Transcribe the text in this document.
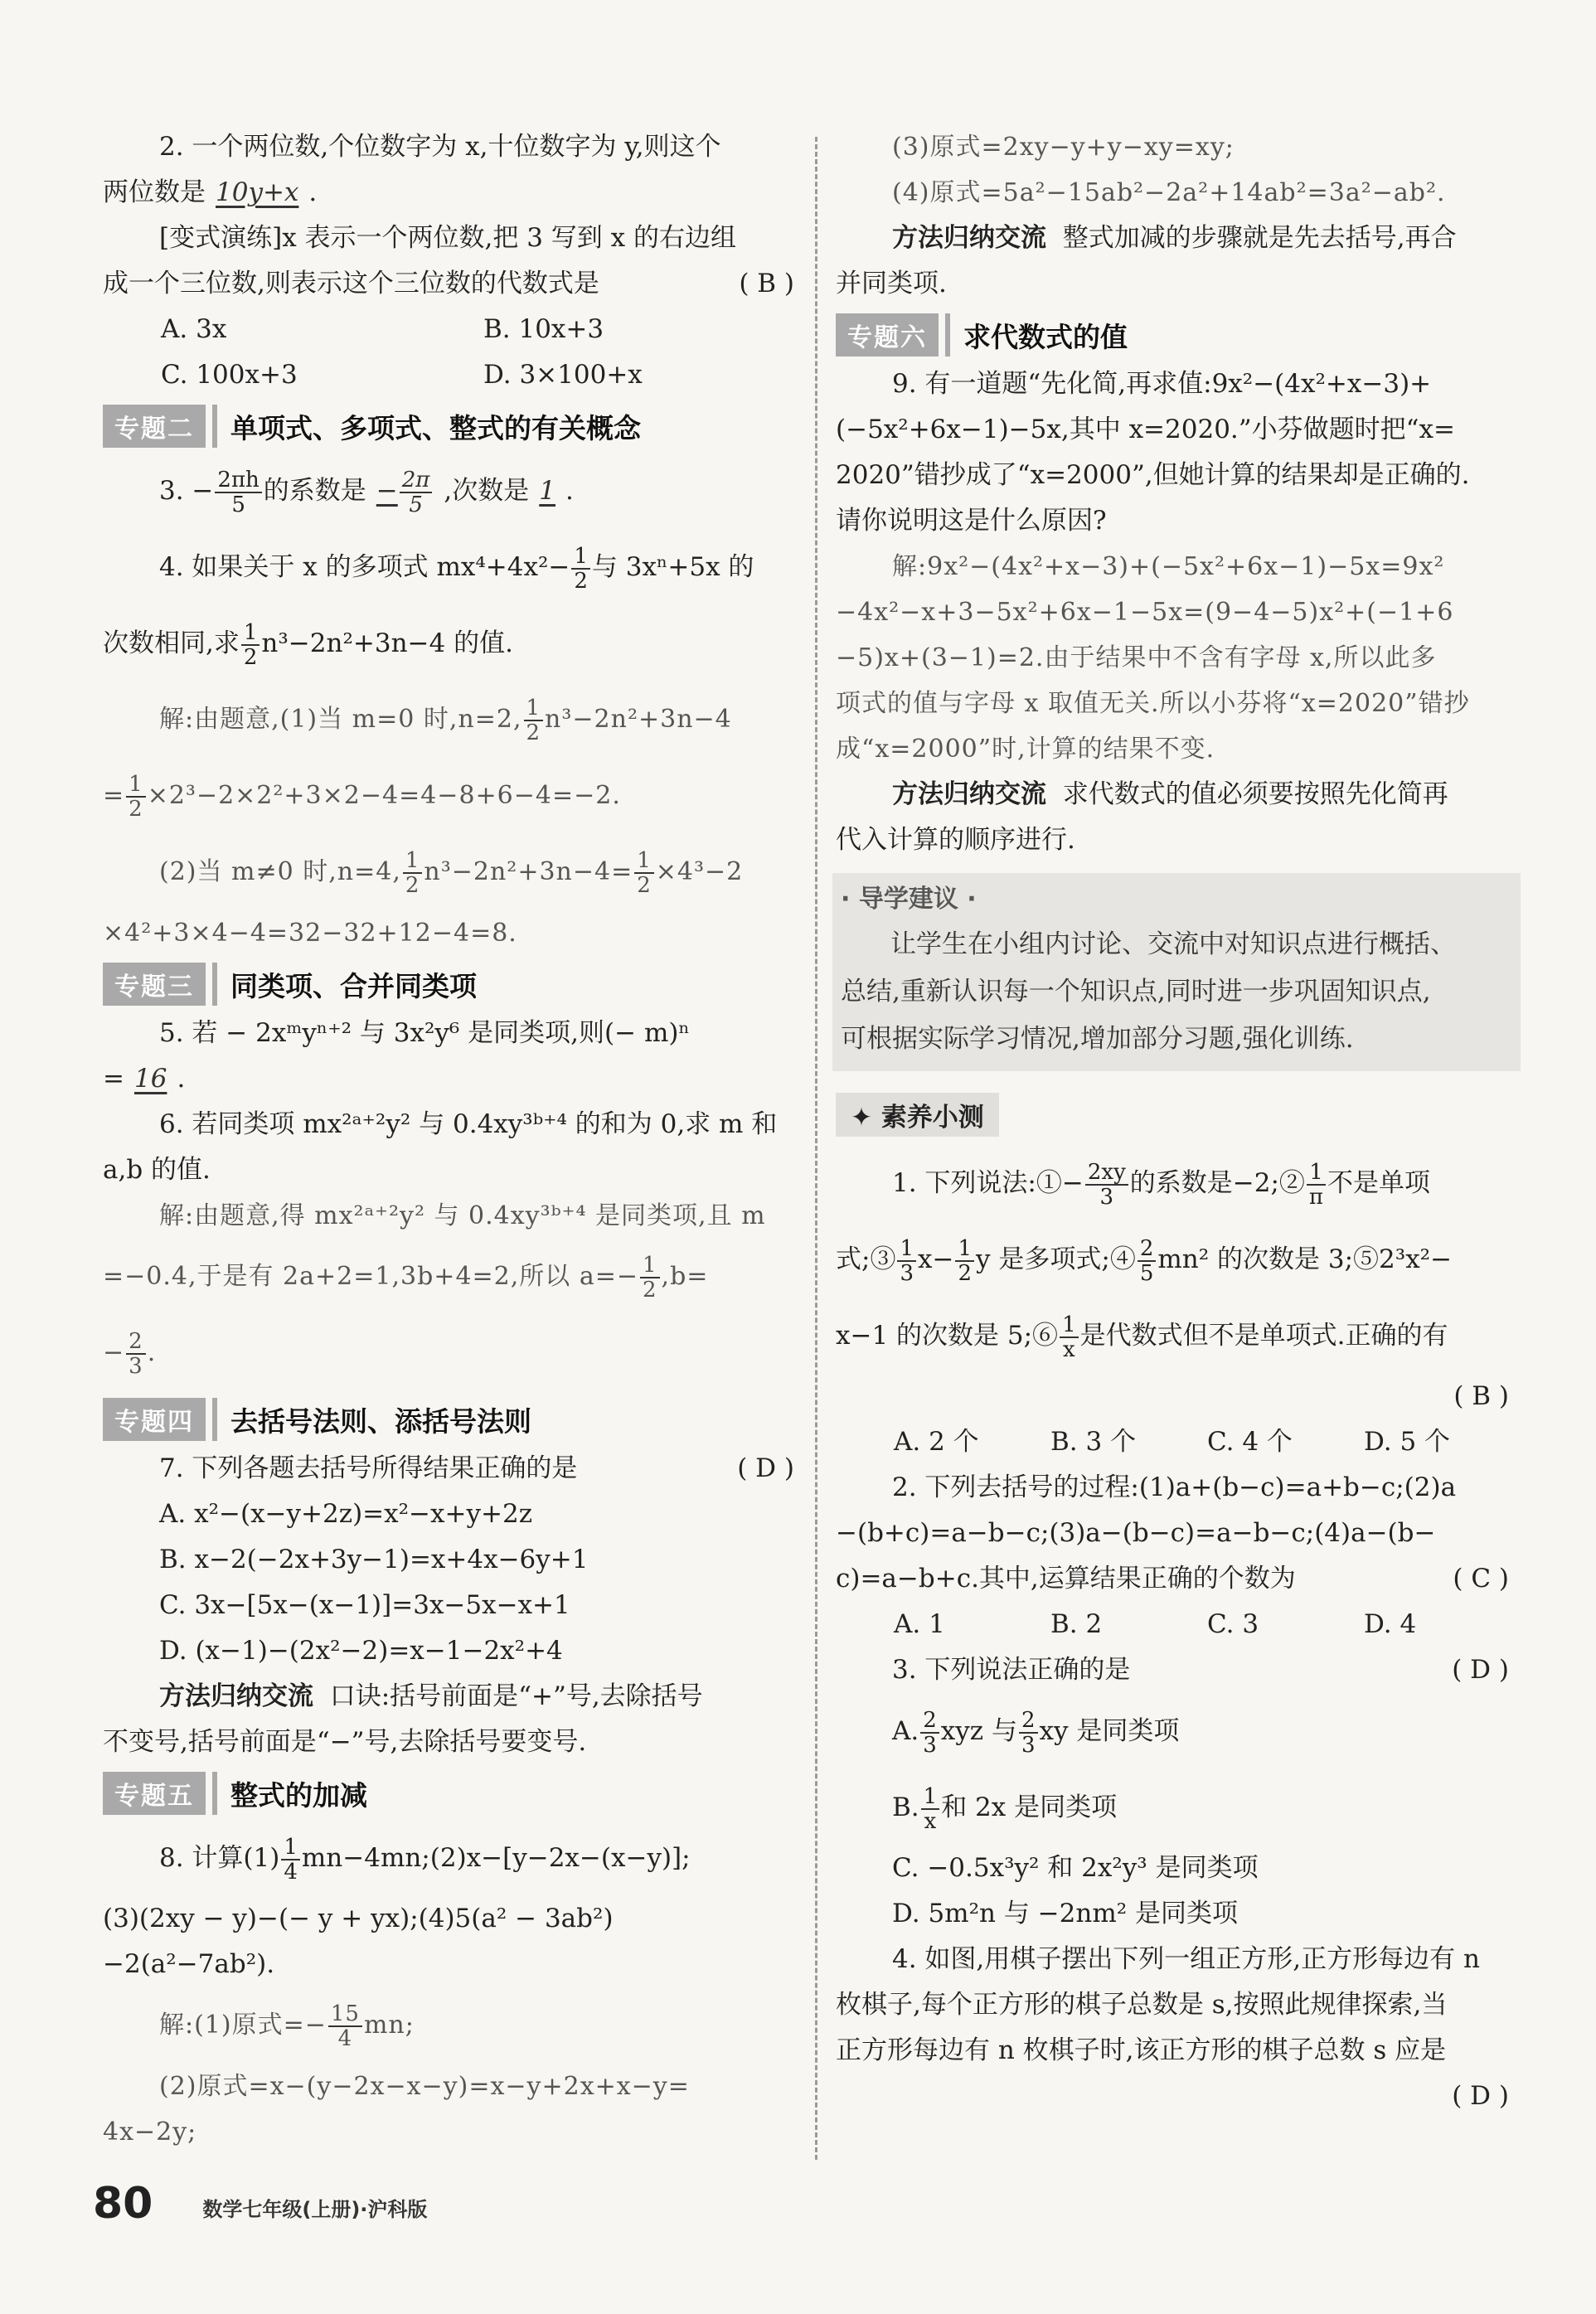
2. 一个两位数,个位数字为 x,十位数字为 y,则这个

两位数是 10y+x .

[变式演练]x 表示一个两位数,把 3 写到 x 的右边组

成一个三位数,则表示这个三位数的代数式是	( B )

A. 3x	B. 10x+3
C. 100x+3	D. 3×100+x
专题二	单项式、多项式、整式的有关概念

3. − $\frac{2\pi h}{5}$ 的系数是 − $\frac{2\pi}{5}$ ,次数是 1 .

4. 如果关于 x 的多项式 $mx^4+4x^2- \frac{1}{2}$ 与 3xⁿ+5x 的

次数相同,求 $\frac{1}{2} n^3-2n^2+3n-4$ 的值.

解:由题意,(1)当 m=0 时,n=2, $\frac{1}{2} n^3-2n^2+3n-4$

= $\frac{1}{2} \times 2^3-2\times 2^2+3\times 2-4=4-8+6-4=-2$.

(2)当 m≠0 时,n=4, $\frac{1}{2} n^3-2n^2+3n-4= \frac{1}{2} \times 4^3-2$

×4²+3×4−4=32−32+12−4=8.

专题三	同类项、合并同类项

5. 若 − 2xᵐyⁿ⁺² 与 3x²y⁶ 是同类项,则(− m)ⁿ

= 16 .

6. 若同类项 mx²ᵃ⁺²y² 与 0.4xy³ᵇ⁺⁴ 的和为 0,求 m 和

a,b 的值.

解:由题意,得 mx²ᵃ⁺²y² 与 0.4xy³ᵇ⁺⁴ 是同类项,且 m

=−0.4,于是有 2a+2=1,3b+4=2,所以 $a=- \frac{1}{2} ,b=$

− $\frac{2}{3}$ .

专题四	去括号法则、添括号法则

7. 下列各题去括号所得结果正确的是	( D )

A. x²−(x−y+2z)=x²−x+y+2z

B. x−2(−2x+3y−1)=x+4x−6y+1

C. 3x−[5x−(x−1)]=3x−5x−x+1

D. (x−1)−(2x²−2)=x−1−2x²+4

方法归纳交流 口诀:括号前面是“+”号,去除括号

不变号,括号前面是“−”号,去除括号要变号.

专题五	整式的加减

8. 计算$(1) \frac{1}{4}$ mn−4mn;(2)x−[y−2x−(x−y)];

(3)(2xy − y)−(− y + yx);(4)5(a² − 3ab²)

−2(a²−7ab²).

解:(1)原式=− $\frac{15}{4}$ mn;

(2)原式=x−(y−2x−x−y)=x−y+2x+x−y=

4x−2y;

(3)原式=2xy−y+y−xy=xy;

(4)原式=5a²−15ab²−2a²+14ab²=3a²−ab².

方法归纳交流 整式加减的步骤就是先去括号,再合

并同类项.

专题六	求代数式的值

9. 有一道题“先化简,再求值:9x²−(4x²+x−3)+

(−5x²+6x−1)−5x,其中 x=2020.”小芬做题时把“x=

2020”错抄成了“x=2000”,但她计算的结果却是正确的.

请你说明这是什么原因?

解:9x²−(4x²+x−3)+(−5x²+6x−1)−5x=9x²

−4x²−x+3−5x²+6x−1−5x=(9−4−5)x²+(−1+6

−5)x+(3−1)=2.由于结果中不含有字母 x,所以此多

项式的值与字母 x 取值无关.所以小芬将“x=2020”错抄

成“x=2000”时,计算的结果不变.

方法归纳交流 求代数式的值必须要按照先化简再

代入计算的顺序进行.

· 导学建议 ·
让学生在小组内讨论、交流中对知识点进行概括、
总结,重新认识每一个知识点,同时进一步巩固知识点,
可根据实际学习情况,增加部分习题,强化训练.
✦ 素养小测

1. 下列说法:①− $\frac{2xy}{3}$ 的系数是−2;② $\frac{1}{\pi}$ 不是单项

式;③ $\frac{1}{3} x- \frac{1}{2}$ y 是多项式;④ $\frac{2}{5} mn^2$ 的次数是 3;⑤2³x²−

x−1 的次数是 5;⑥ $\frac{1}{x}$ 是代数式但不是单项式.正确的有

( B )

A. 2 个	B. 3 个	C. 4 个	D. 5 个

2. 下列去括号的过程:(1)a+(b−c)=a+b−c;(2)a

−(b+c)=a−b−c;(3)a−(b−c)=a−b−c;(4)a−(b−

c)=a−b+c.其中,运算结果正确的个数为	( C )

A. 1	B. 2	C. 3	D. 4

3. 下列说法正确的是	( D )

A. $\frac{2}{3}$ xyz 与 $\frac{2}{3}$ xy 是同类项

B. $\frac{1}{x}$ 和 2x 是同类项

C. −0.5x³y² 和 2x²y³ 是同类项

D. 5m²n 与 −2nm² 是同类项

4. 如图,用棋子摆出下列一组正方形,正方形每边有 n

枚棋子,每个正方形的棋子总数是 s,按照此规律探索,当

正方形每边有 n 枚棋子时,该正方形的棋子总数 s 应是

( D )

80	数学七年级(上册)·沪科版
